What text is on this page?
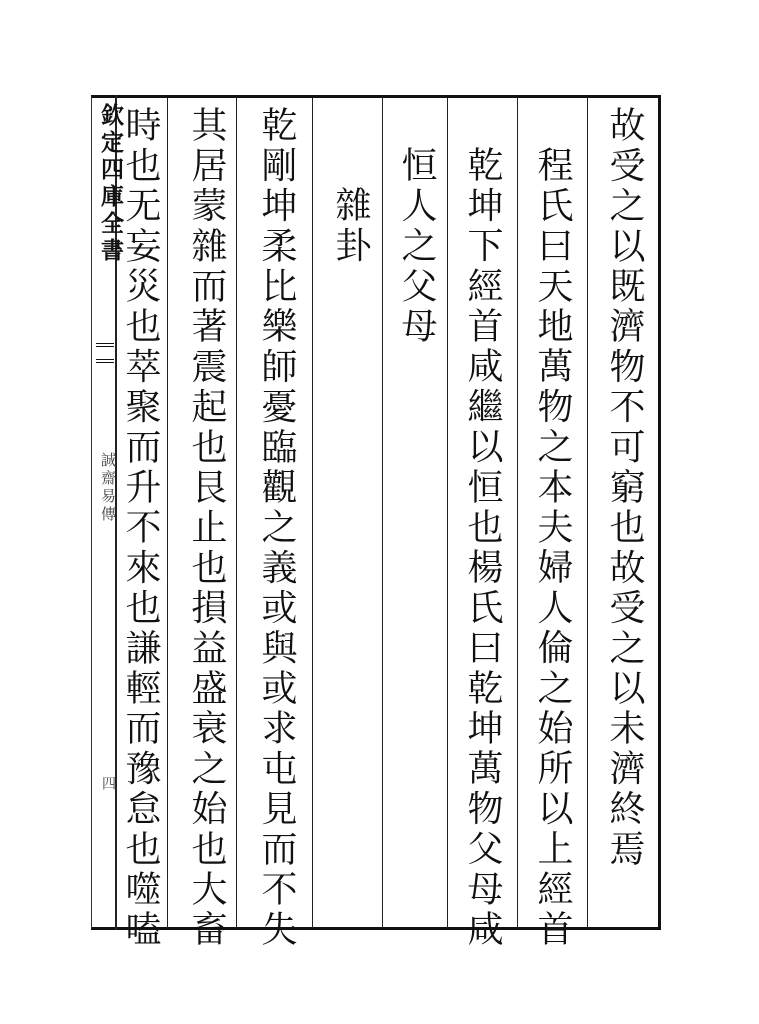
欽定四庫全書
誠齋易傳
四	故受之以既濟物不可窮也故受之以未濟終焉
程氏曰天地萬物之本夫婦人倫之始所以上經首
乾坤下經首咸繼以恒也楊氏曰乾坤萬物父母咸
恒人之父母
雜卦
乾剛坤柔比樂師憂臨觀之義或與或求屯見而不失
其居蒙雜而著震起也艮止也損益盛衰之始也大畜
時也无妄災也萃聚而升不來也謙輕而豫怠也噬嗑
